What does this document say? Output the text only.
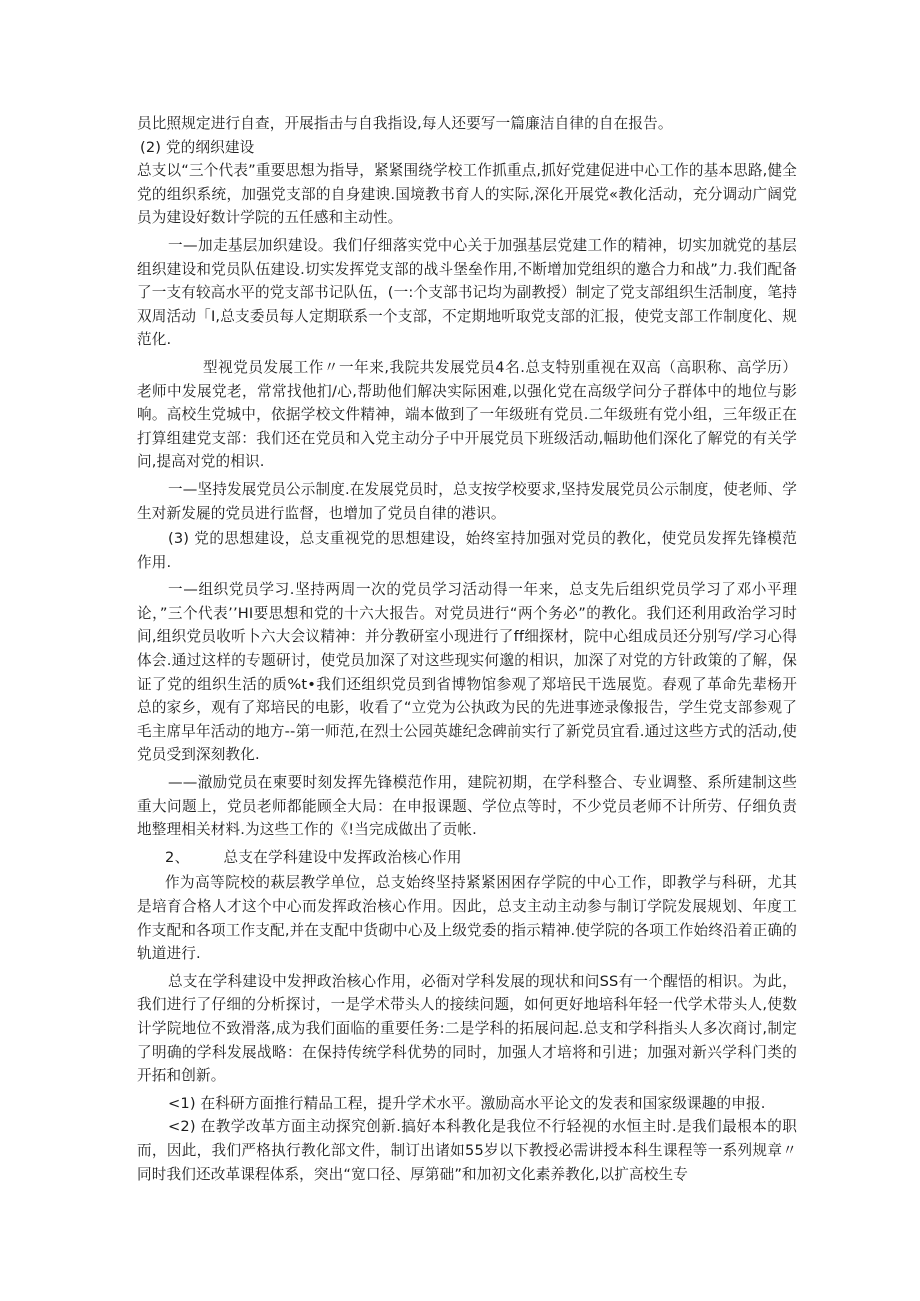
员比照规定进行自查，开展指击与自我指设,每人还要写一篇廉洁自律的自在报告。

(2) 党的纲织建设

总支以“三个代表”重要思想为指导，紧紧围绕学校工作抓重点,抓好党建促进中心工作的基本思路,健全党的组织系统，加强党支部的自身建谀.国境教书育人的实际,深化开展党«教化活动，充分调动广阔党员为建设好数计学院的五任感和主动性。

一—加走基层加织建设。我们仔细落实党中心关于加强基层党建工作的精神，切实加就党的基层组织建设和党员队伍建设.切实发挥党支部的战斗堡垒作用,不断增加党组织的邀合力和战”力.我们配备了一支有较高水平的党支部书记队伍，(一:个支部书记均为副教授）制定了党支部组织生活制度，笔持双周活动「I,总支委员每人定期联系一个支部，不定期地听取党支部的汇报，使党支部工作制度化、规范化.

型视党员发展工作〃一年来,我院共发展党员4名.总支特别重视在双高（高职称、高学历）老师中发展党老，常常找他扪/心,帮助他们解决实际困难,以强化党在高级学问分子群体中的地位与影响。高校生党城中，依据学校文件精神，端本做到了一年级班有党员.二年级班有党小组，三年级正在打算组建党支部：我们还在党员和入党主动分子中开展党员下班级活动,幅助他们深化了解党的有关学问,提高对党的相识.

一—坚持发展党员公示制度.在发展党员时，总支按学校要求,坚持发展党员公示制度，使老师、学生对新发屣的党员进行监督，也增加了党员自律的港识。

(3) 党的思想建设，总支重视党的思想建设，始终室持加强对党员的教化，使党员发挥先锋模范作用.

一—组织党员学习.坚持两周一次的党员学习活动得一年来，总支先后组织党员学习了邓小平理论，”三个代表’’HI要思想和党的十六大报告。对党员进行“两个务必”的教化。我们还利用政治学习时间,组织党员收听卜六大会议精神：并分教研室小现进行了ff细探材，院中心组成员还分别写/学习心得体会.通过这样的专题研讨，使党员加深了对这些现实何邈的相识，加深了对党的方针政策的了解，保证了党的组织生活的质%t•我们还组织党员到省博物馆参观了郑培民干选展览。舂观了革命先辈杨开总的家乡，观有了郑培民的电影，收看了“立党为公执政为民的先进事迹录像报告，学生党支部参观了毛主席早年活动的地方--第一师范,在烈士公园英雄纪念碑前实行了新党员宜看.通过这些方式的活动,使党员受到深刻教化.

——澈励党员在柬要时刻发挥先锋模范作用，建院初期，在学科整合、专业调整、系所建制这些重大问题上，党员老师都能顾全大局：在申报课题、学位点等时，不少党员老师不计所劳、仔细负责地整理相关材料.为这些工作的《!当完成做出了贡帐.

2、 总支在学科建设中发挥政治核心作用

作为高等院校的萩层教学单位，总支始终坚持紧紧困困存学院的中心工作，即教学与科研，尤其是培育合格人才这个中心而发挥政治核心作用。因此，总支主动主动参与制订学院发展规划、年度工作支配和各项工作支配,并在支配中货砌中心及上级党委的指示精神.使学院的各项工作始终沿着正确的轨道进行.

总支在学科建设中发押政治核心作用，必衙对学科发展的现状和问SS有一个醒悟的相识。为此，我们进行了仔细的分析探讨，一是学术带头人的接续问题，如何更好地培科年轻一代学术带头人,使数计学院地位不致滑落,成为我们面临的重要任务:二是学科的拓展问起.总支和学科指头人多次商讨,制定了明确的学科发展战略：在保持传统学科优势的同时，加强人才培将和引进；加强对新兴学科门类的开拓和创新。

<1) 在科研方面推行精品工程，提升学术水平。激励高水平论文的发表和国家级课趣的申报.

<2) 在教学改革方面主动探究创新.搞好本科教化是我位不行轻视的水恒主时.是我们最根本的职而，因此，我们严格执行教化部文件，制订出诸如55岁以下教授必需讲授本科生课程等一系列规章〃同时我们还改革课程体系，突出“宽口径、厚第础”和加初文化素养教化,以扩高校生专
